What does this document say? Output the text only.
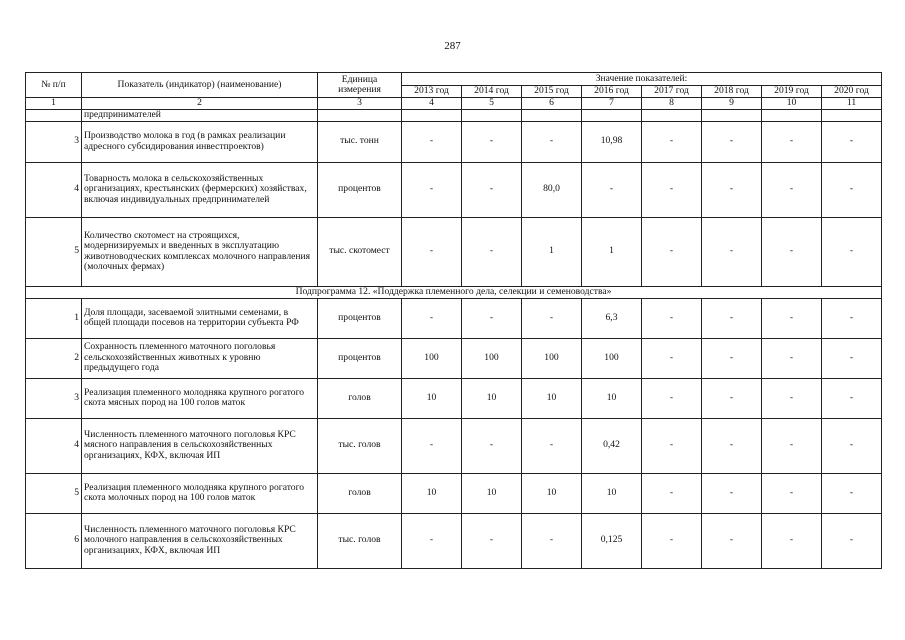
287
№ п/п	Показатель (индикатор) (наименование)	Единица измерения	Значение показателей:							
			2013 год	2014 год	2015 год	2016 год	2017 год	2018 год	2019 год	2020 год
1	2	3	4	5	6	7	8	9	10	11
	предпринимателей									
3	Производство молока в год (в рамках реализации адресного субсидирования инвестпроектов)	тыс. тонн	-	-	-	10,98	-	-	-	-
4	Товарность молока в сельскохозяйственных организациях, крестьянских (фермерских) хозяйствах, включая индивидуальных предпринимателей	процентов	-	-	80,0	-	-	-	-	-
5	Количество скотомест на строящихся, модернизируемых и введенных в эксплуатацию животноводческих комплексах молочного направления (молочных фермах)	тыс. скотомест	-	-	1	1	-	-	-	-
Подпрограмма 12. «Поддержка племенного дела, селекции и семеноводства»										
1	Доля площади, засеваемой элитными семенами, в общей площади посевов на территории субъекта РФ	процентов	-	-	-	6,3	-	-	-	-
2	Сохранность племенного маточного поголовья сельскохозяйственных животных к уровню предыдущего года	процентов	100	100	100	100	-	-	-	-
3	Реализация племенного молодняка крупного рогатого скота мясных пород на 100 голов маток	голов	10	10	10	10	-	-	-	-
4	Численность племенного маточного поголовья КРС мясного направления в сельскохозяйственных организациях, КФХ, включая ИП	тыс. голов	-	-	-	0,42	-	-	-	-
5	Реализация племенного молодняка крупного рогатого скота молочных пород на 100 голов маток	голов	10	10	10	10	-	-	-	-
6	Численность племенного маточного поголовья КРС молочного направления в сельскохозяйственных организациях, КФХ, включая ИП	тыс. голов	-	-	-	0,125	-	-	-	-
